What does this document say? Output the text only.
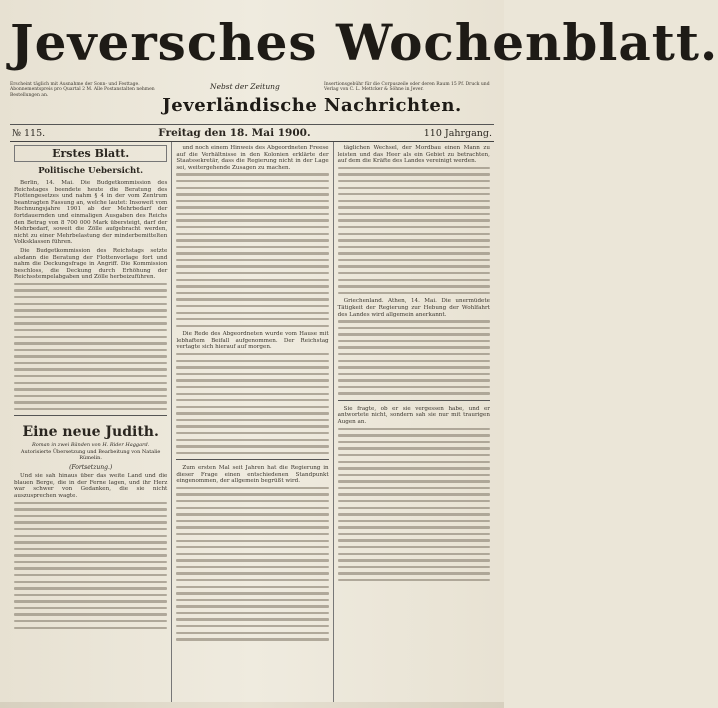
Jeversches Wochenblatt.
Erscheint täglich mit Ausnahme der Sonn- und Festtage. Abonnementspreis pro Quartal 2 M. Alle Postanstalten nehmen Bestellungen an.
Nebst der Zeitung	Insertionsgebühr für die Corpuszeile oder deren Raum 15 Pf. Druck und Verlag von C. L. Mettcker & Söhne in Jever.
Jeverländische Nachrichten.
№ 115.	Freitag den 18. Mai 1900.	110 Jahrgang.
Erstes Blatt.
Politische Uebersicht.

Berlin, 14. Mai. Die Budgetkommission des Reichstages beendete heute die Beratung des Flottengesetzes und nahm § 4 in der vom Zentrum beantragten Fassung an, welche lautet: Insoweit vom Rechnungsjahre 1901 ab der Mehrbedarf der fortdauernden und einmaligen Ausgaben des Reichs den Betrag von 8 700 000 Mark übersteigt, darf der Mehrbedarf, soweit die Zölle aufgebracht werden, nicht zu einer Mehrbelastung der minderbemittelten Volksklassen führen.

Die Budgetkommission des Reichstags setzte alsdann die Beratung der Flottenvorlage fort und nahm die Deckungsfrage in Angriff. Die Kommission beschloss, die Deckung durch Erhöhung der Reichsstempelabgaben und Zölle herbeizuführen.

Eine neue Judith.
Roman in zwei Bänden von H. Rider Haggard.
Autorisierte Übersetzung und Bearbeitung von Natalie Rümelin.
(Fortsetzung.)

Und sie sah hinaus über das weite Land und die blauen Berge, die in der Ferne lagen, und ihr Herz war schwer von Gedanken, die sie nicht auszusprechen wagte.

und noch einem Hinweis des Abgeordneten Freese auf die Verhältnisse in den Kolonien erklärte der Staatssekretär, dass die Regierung nicht in der Lage sei, weitergehende Zusagen zu machen.

Die Rede des Abgeordneten wurde vom Hause mit lebhaftem Beifall aufgenommen. Der Reichstag vertagte sich hierauf auf morgen.

Zum ersten Mal seit Jahren hat die Regierung in dieser Frage einen entschiedenen Standpunkt eingenommen, der allgemein begrüßt wird.

täglichen Wechsel, der Mordbau einen Mann zu leisten und das Heer als ein Gebiet zu betrachten, auf dem die Kräfte des Landes vereinigt werden.

Griechenland. Athen, 14. Mai. Die unermüdete Tätigkeit der Regierung zur Hebung der Wohlfahrt des Landes wird allgemein anerkannt.

Sie fragte, ob er sie vergessen habe, und er antwortete nicht, sondern sah sie nur mit traurigen Augen an.
